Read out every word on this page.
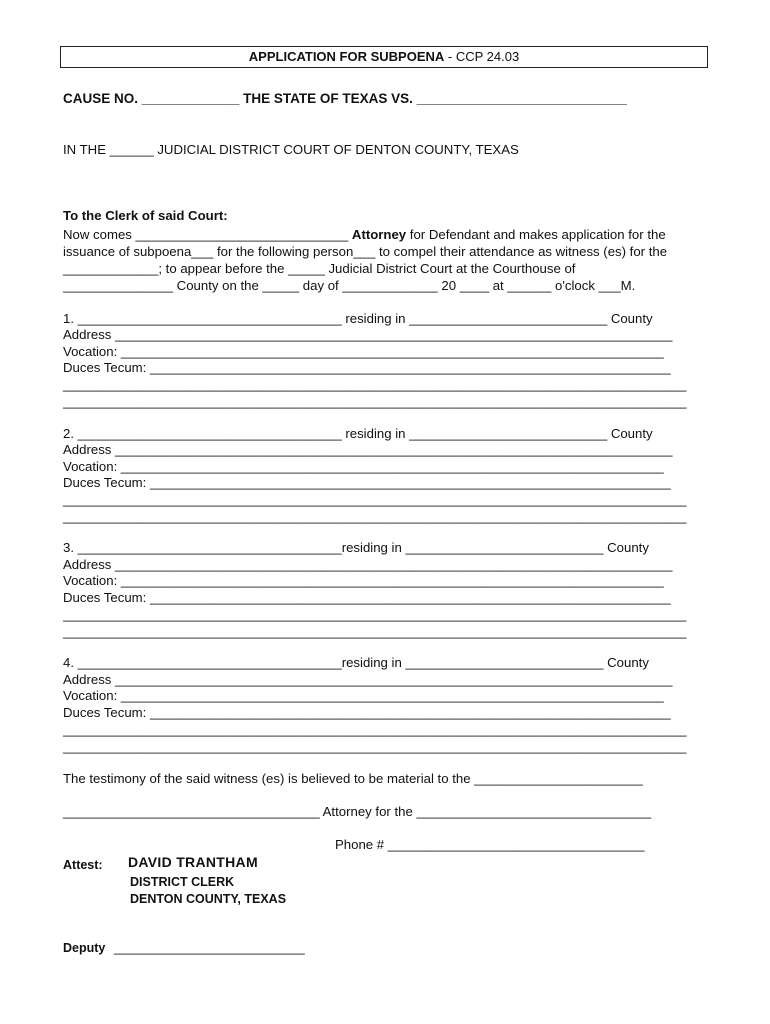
APPLICATION FOR SUBPOENA - CCP 24.03
CAUSE NO. _____________ THE STATE OF TEXAS VS. ____________________________
IN THE ______ JUDICIAL DISTRICT COURT OF DENTON COUNTY, TEXAS
To the Clerk of said Court:
Now comes _____________________________ Attorney for Defendant and makes application for the
issuance of subpoena___ for the following person___ to compel their attendance as witness (es) for the
_____________; to appear before the _____ Judicial District Court at the Courthouse of
_______________ County on the _____ day of _____________ 20 ____ at ______ o'clock ___M.
1. ____________________________________ residing in ___________________________ County
Address ____________________________________________________________________________
Vocation: __________________________________________________________________________
Duces Tecum: _______________________________________________________________________
_____________________________________________________________________________________
_____________________________________________________________________________________
2. ____________________________________ residing in ___________________________ County
Address ____________________________________________________________________________
Vocation: __________________________________________________________________________
Duces Tecum: _______________________________________________________________________
_____________________________________________________________________________________
_____________________________________________________________________________________
3. ____________________________________residing in ___________________________ County
Address ____________________________________________________________________________
Vocation: __________________________________________________________________________
Duces Tecum: _______________________________________________________________________
_____________________________________________________________________________________
_____________________________________________________________________________________
4. ____________________________________residing in ___________________________ County
Address ____________________________________________________________________________
Vocation: __________________________________________________________________________
Duces Tecum: _______________________________________________________________________
_____________________________________________________________________________________
_____________________________________________________________________________________
The testimony of the said witness (es) is believed to be material to the _______________________
___________________________________ Attorney for the ________________________________
Phone # ___________________________________
Attest: DAVID TRANTHAM
DISTRICT CLERK
DENTON COUNTY, TEXAS
Deputy __________________________
